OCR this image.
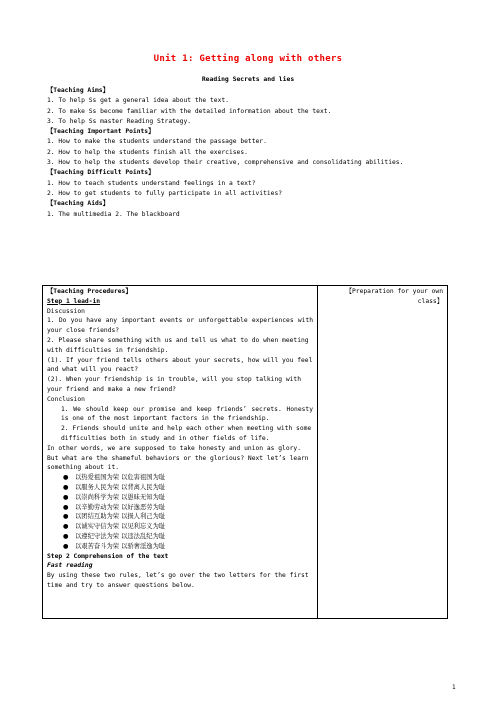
Unit 1: Getting along with others
Reading Secrets and lies
【Teaching Aims】
1. To help Ss get a general idea about the text.
2. To make Ss become familiar with the detailed information about the text.
3. To help Ss master Reading Strategy.
【Teaching Important Points】
1. How to make the students understand the passage better.
2. How to help the students finish all the exercises.
3. How to help the students develop their creative, comprehensive and consolidating abilities.
【Teaching Difficult Points】
1. How to teach students understand feelings in a text?
2. How to get students to fully participate in all activities?
【Teaching Aids】
1. The multimedia 2. The blackboard
【Teaching Procedures】
Step 1 lead-in
Discussion
1. Do you have any important events or unforgettable experiences with your close friends?
2. Please share something with us and tell us what to do when meeting with difficulties in friendship.
(1). If your friend tells others about your secrets, how will you feel and what will you react?
(2). When your friendship is in trouble, will you stop talking with your friend and make a new friend?
Conclusion
1. We should keep our promise and keep friends’ secrets. Honesty is one of the most important factors in the friendship.
2. Friends should unite and help each other when meeting with some difficulties both in study and in other fields of life.
In other words, we are supposed to take honesty and union as glory. But what are the shameful behaviors or the glorious? Next let’s learn something about it.
● 以热爱祖国为荣 以危害祖国为耻
● 以服务人民为荣 以背离人民为耻
● 以崇尚科学为荣 以愚昧无知为耻
● 以辛勤劳动为荣 以好逸恶劳为耻
● 以团结互助为荣 以损人利己为耻
● 以诚实守信为荣 以见利忘义为耻
● 以遵纪守法为荣 以违法乱纪为耻
● 以艰苦奋斗为荣 以骄奢淫逸为耻
Step 2 Comprehension of the text
Fast reading
By using these two rules, let’s go over the two letters for the first time and try to answer questions below.

【Preparation for your own class】
1
